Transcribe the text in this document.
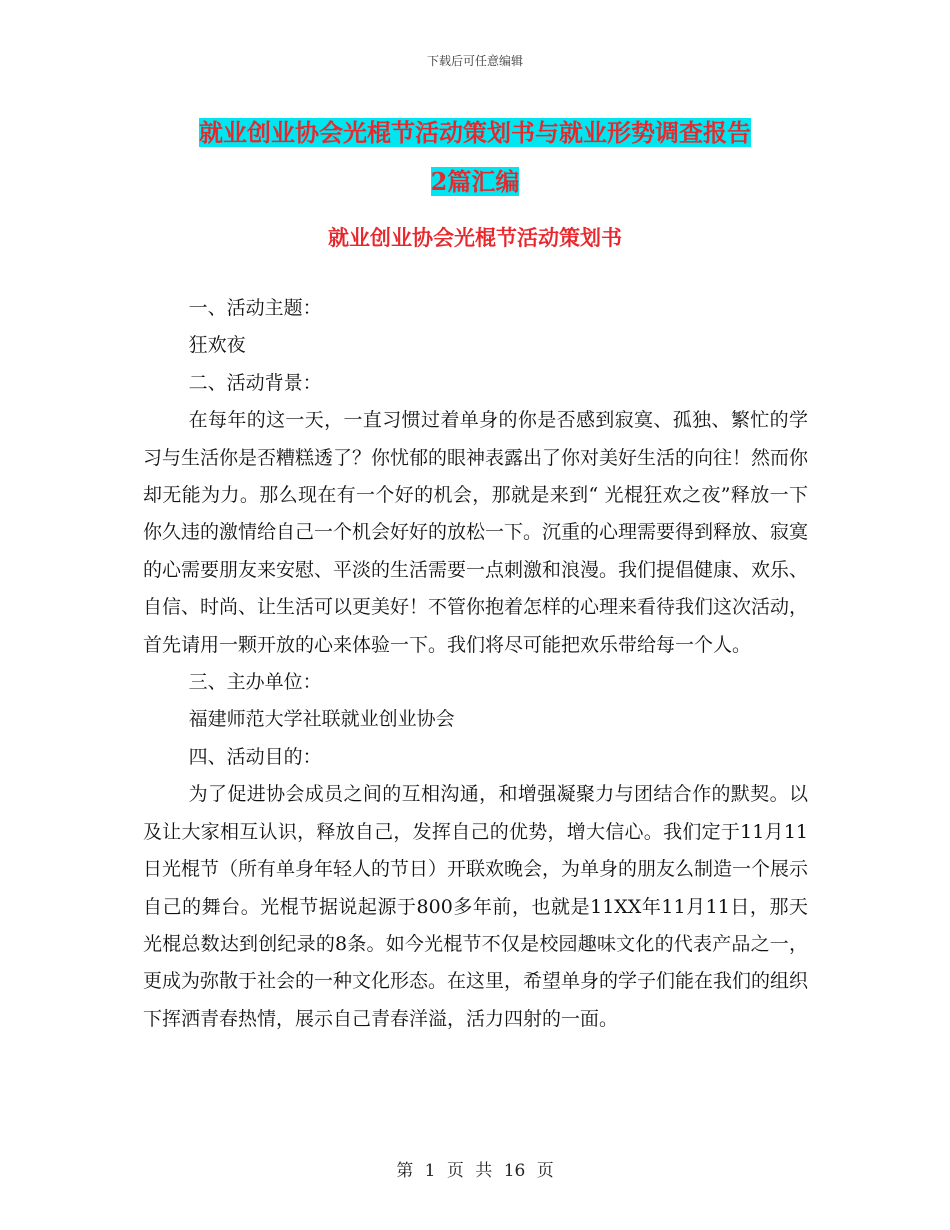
下载后可任意编辑
就业创业协会光棍节活动策划书与就业形势调查报告
2篇汇编
就业创业协会光棍节活动策划书

一、活动主题：

狂欢夜

二、活动背景：

在每年的这一天，一直习惯过着单身的你是否感到寂寞、孤独、繁忙的学习与生活你是否糟糕透了？你忧郁的眼神表露出了你对美好生活的向往！然而你却无能为力。那么现在有一个好的机会，那就是来到“ 光棍狂欢之夜”释放一下你久违的激情给自己一个机会好好的放松一下。沉重的心理需要得到释放、寂寞的心需要朋友来安慰、平淡的生活需要一点刺激和浪漫。我们提倡健康、欢乐、自信、时尚、让生活可以更美好！不管你抱着怎样的心理来看待我们这次活动，首先请用一颗开放的心来体验一下。我们将尽可能把欢乐带给每一个人。

三、主办单位：

福建师范大学社联就业创业协会

四、活动目的：

为了促进协会成员之间的互相沟通，和增强凝聚力与团结合作的默契。以及让大家相互认识，释放自己，发挥自己的优势，增大信心。我们定于11月11日光棍节（所有单身年轻人的节日）开联欢晚会，为单身的朋友么制造一个展示自己的舞台。光棍节据说起源于800多年前，也就是11XX年11月11日，那天光棍总数达到创纪录的8条。如今光棍节不仅是校园趣味文化的代表产品之一，更成为弥散于社会的一种文化形态。在这里，希望单身的学子们能在我们的组织下挥洒青春热情，展示自己青春洋溢，活力四射的一面。

第 1 页 共 16 页
